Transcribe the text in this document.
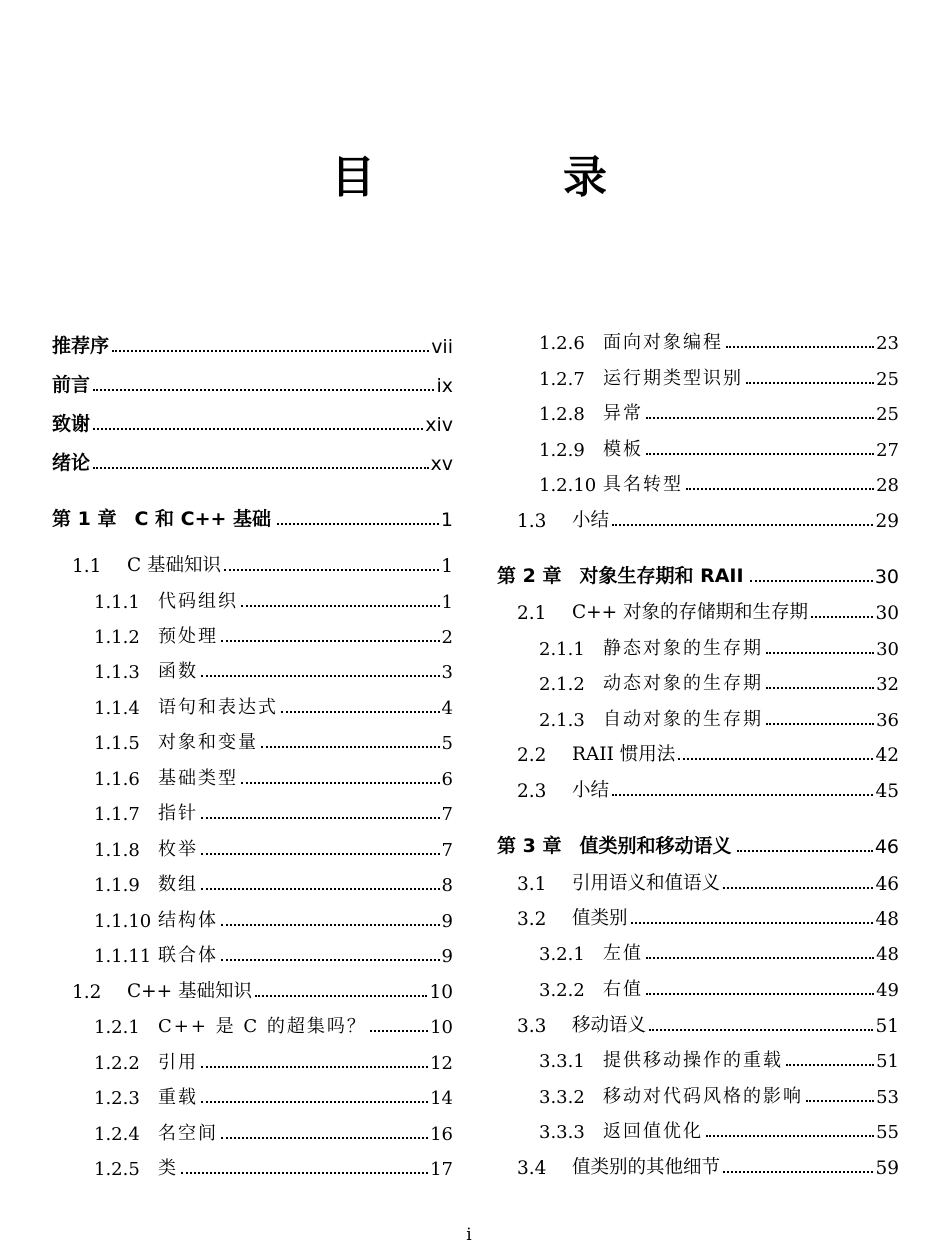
目　录
推荐序	vii
前言	ix
致谢	xiv
绪论	xv
第 1 章 C 和 C++ 基础	1
1.1	C 基础知识	1
1.1.1	代码组织	1
1.1.2	预处理	2
1.1.3	函数	3
1.1.4	语句和表达式	4
1.1.5	对象和变量	5
1.1.6	基础类型	6
1.1.7	指针	7
1.1.8	枚举	7
1.1.9	数组	8
1.1.10 结构体	9
1.1.11 联合体	9
1.2	C++ 基础知识	10
1.2.1	C++ 是 C 的超集吗？	10
1.2.2	引用	12
1.2.3	重载	14
1.2.4	名空间	16
1.2.5	类	17
1.2.6	面向对象编程	23
1.2.7	运行期类型识别	25
1.2.8	异常	25
1.2.9	模板	27
1.2.10 具名转型	28
1.3	小结	29
第 2 章 对象生存期和 RAII	30
2.1	C++ 对象的存储期和生存期	30
2.1.1	静态对象的生存期	30
2.1.2	动态对象的生存期	32
2.1.3	自动对象的生存期	36
2.2	RAII 惯用法	42
2.3	小结	45
第 3 章 值类别和移动语义	46
3.1	引用语义和值语义	46
3.2	值类别	48
3.2.1	左值	48
3.2.2	右值	49
3.3	移动语义	51
3.3.1	提供移动操作的重载	51
3.3.2	移动对代码风格的影响	53
3.3.3	返回值优化	55
3.4	值类别的其他细节	59
i
